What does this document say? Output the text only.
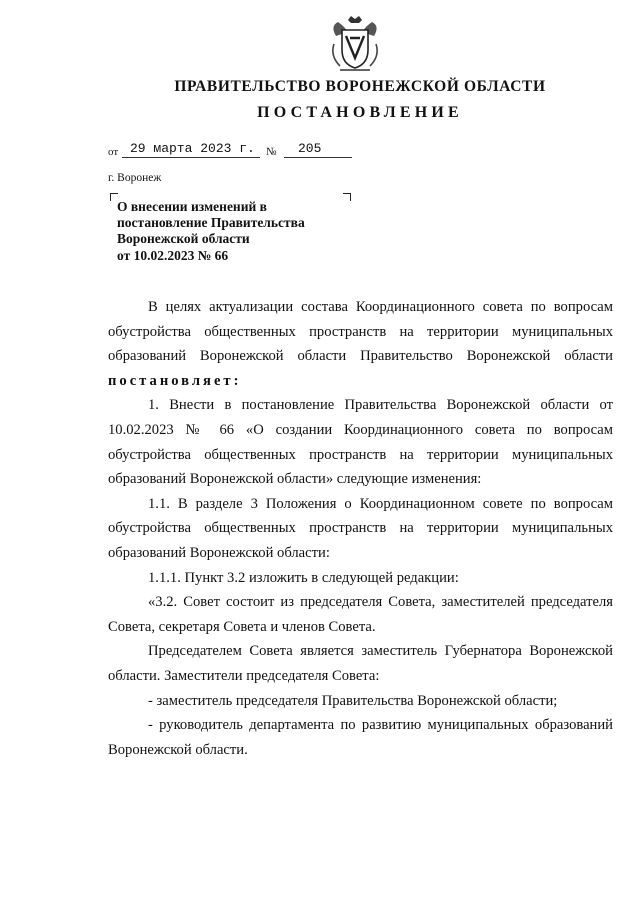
ПРАВИТЕЛЬСТВО ВОРОНЕЖСКОЙ ОБЛАСТИ
ПОСТАНОВЛЕНИЕ
от 29 марта 2023 г. № 205
г. Воронеж
О внесении изменений в
постановление Правительства
Воронежской области
от 10.02.2023 № 66

В целях актуализации состава Координационного совета по вопросам обустройства общественных пространств на территории муниципальных образований Воронежской области Правительство Воронежской области постановляет:

1. Внести в постановление Правительства Воронежской области от 10.02.2023 № 66 «О создании Координационного совета по вопросам обустройства общественных пространств на территории муниципальных образований Воронежской области» следующие изменения:

1.1. В разделе 3 Положения о Координационном совете по вопросам обустройства общественных пространств на территории муниципальных образований Воронежской области:

1.1.1. Пункт 3.2 изложить в следующей редакции:

«3.2. Совет состоит из председателя Совета, заместителей председателя Совета, секретаря Совета и членов Совета.

Председателем Совета является заместитель Губернатора Воронежской области. Заместители председателя Совета:

- заместитель председателя Правительства Воронежской области;

- руководитель департамента по развитию муниципальных образований Воронежской области.
